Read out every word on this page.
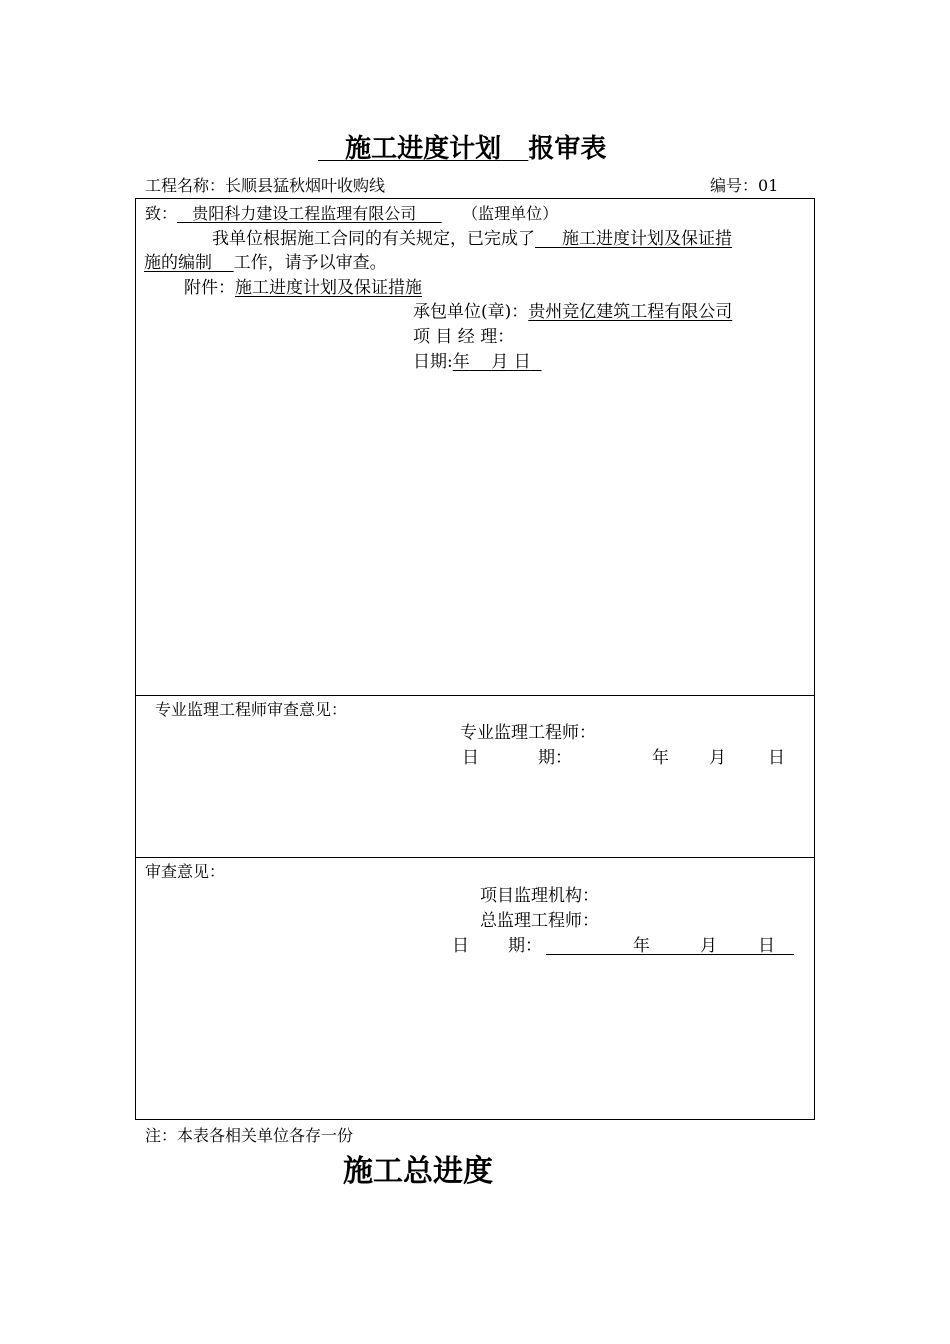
施工进度计划 报审表
工程名称：长顺县猛秋烟叶收购线	编号：01
致： 贵阳科力建设工程监理有限公司	（监理单位）
我单位根据施工合同的有关规定，已完成了 施工进度计划及保证措
施的编制 工作，请予以审查。
附件：施工进度计划及保证措施
承包单位(章)：贵州竞亿建筑工程有限公司
项 目 经 理：
日期:年 月 日
专业监理工程师审查意见：
专业监理工程师：
日	期：	年 月 日
审查意见：
项目监理机构：
总监理工程师：
日 期：	年	月 日
注：本表各相关单位各存一份
施工总进度
